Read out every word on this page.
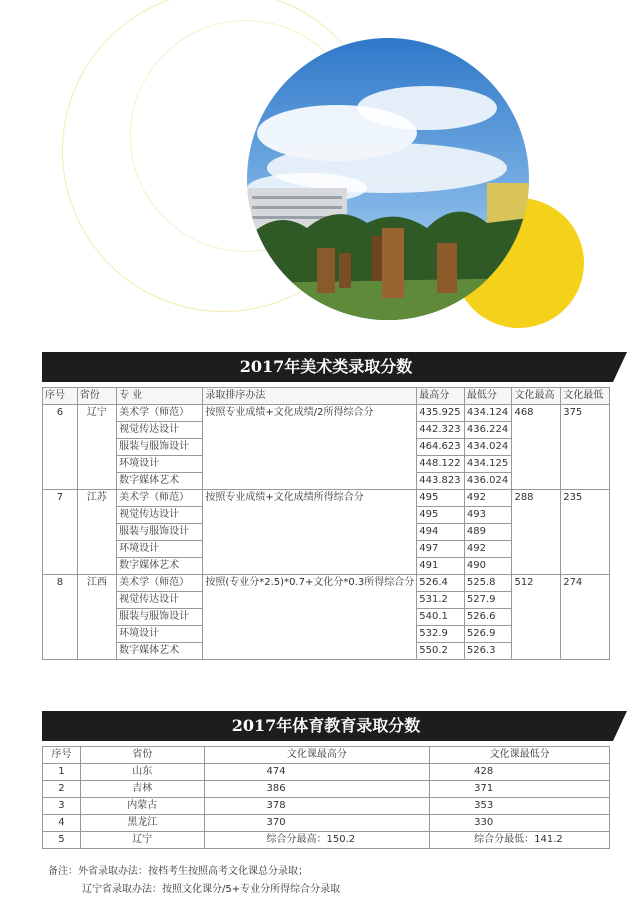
2017年美术类录取分数
序号	省份	专 业	录取排序办法	最高分	最低分	文化最高	文化最低
6	辽宁	美术学（师范）	按照专业成绩+文化成绩/2所得综合分	435.925	434.124	468	375
		视觉传达设计		442.323	436.224		
		服装与服饰设计		464.623	434.024		
		环境设计		448.122	434.125		
		数字媒体艺术		443.823	436.024		
7	江苏	美术学（师范）	按照专业成绩+文化成绩所得综合分	495	492	288	235
		视觉传达设计		495	493		
		服装与服饰设计		494	489		
		环境设计		497	492		
		数字媒体艺术		491	490		
8	江西	美术学（师范）	按照(专业分*2.5)*0.7+文化分*0.3所得综合分	526.4	525.8	512	274
		视觉传达设计		531.2	527.9		
		服装与服饰设计		540.1	526.6		
		环境设计		532.9	526.9		
		数字媒体艺术		550.2	526.3		
2017年体育教育录取分数
序号	省份	文化课最高分	文化课最低分
1	山东	474	428
2	吉林	386	371
3	内蒙古	378	353
4	黑龙江	370	330
5	辽宁	综合分最高：150.2	综合分最低：141.2
备注：外省录取办法：按档考生按照高考文化课总分录取；
辽宁省录取办法：按照文化课分/5+专业分所得综合分录取
